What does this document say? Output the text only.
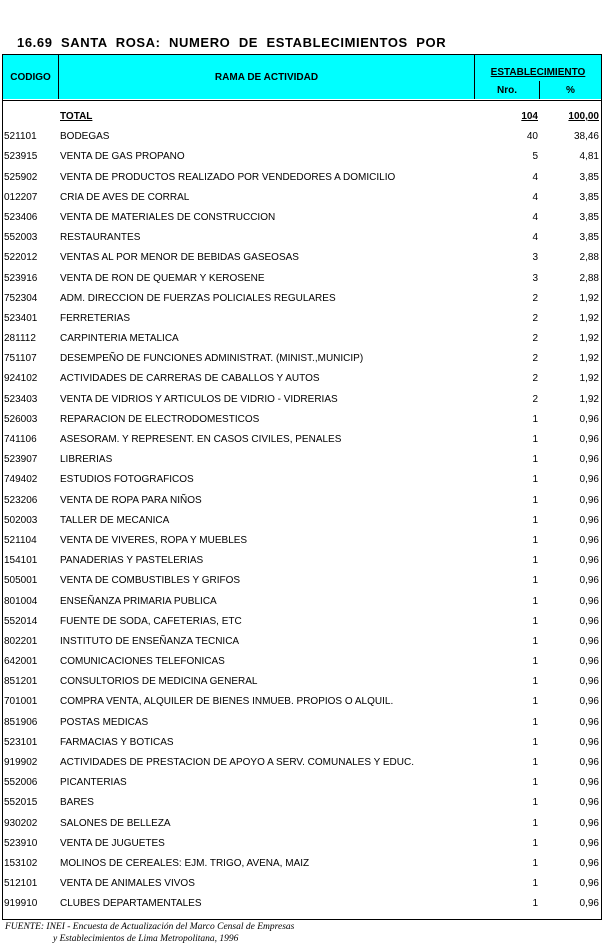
16.69  SANTA  ROSA:  NUMERO  DE  ESTABLECIMIENTOS  POR

CODIGO	RAMA DE ACTIVIDAD	ESTABLECIMIENTO
Nro.	%
TOTAL	104	100,00
521101 BODEGAS	40	38,46
523915 VENTA DE GAS PROPANO	5	4,81
525902 VENTA DE PRODUCTOS REALIZADO POR VENDEDORES A DOMICILIO	4	3,85
012207 CRIA DE AVES DE CORRAL	4	3,85
523406 VENTA DE MATERIALES DE CONSTRUCCION	4	3,85
552003 RESTAURANTES	4	3,85
522012 VENTAS AL POR MENOR DE BEBIDAS GASEOSAS	3	2,88
523916 VENTA DE RON DE QUEMAR Y KEROSENE	3	2,88
752304 ADM. DIRECCION DE FUERZAS POLICIALES REGULARES	2	1,92
523401 FERRETERIAS	2	1,92
281112 CARPINTERIA METALICA	2	1,92
751107 DESEMPEÑO DE FUNCIONES ADMINISTRAT. (MINIST.,MUNICIP)	2	1,92
924102 ACTIVIDADES DE CARRERAS DE CABALLOS Y AUTOS	2	1,92
523403 VENTA DE VIDRIOS Y ARTICULOS DE VIDRIO - VIDRERIAS	2	1,92
526003 REPARACION DE ELECTRODOMESTICOS	1	0,96
741106 ASESORAM. Y REPRESENT. EN CASOS CIVILES, PENALES	1	0,96
523907 LIBRERIAS	1	0,96
749402 ESTUDIOS FOTOGRAFICOS	1	0,96
523206 VENTA DE ROPA PARA NIÑOS	1	0,96
502003 TALLER DE MECANICA	1	0,96
521104 VENTA DE VIVERES, ROPA Y MUEBLES	1	0,96
154101 PANADERIAS Y PASTELERIAS	1	0,96
505001 VENTA DE COMBUSTIBLES Y GRIFOS	1	0,96
801004 ENSEÑANZA PRIMARIA PUBLICA	1	0,96
552014 FUENTE DE SODA, CAFETERIAS, ETC	1	0,96
802201 INSTITUTO DE ENSEÑANZA TECNICA	1	0,96
642001 COMUNICACIONES TELEFONICAS	1	0,96
851201 CONSULTORIOS DE MEDICINA GENERAL	1	0,96
701001 COMPRA VENTA, ALQUILER DE BIENES INMUEB. PROPIOS O ALQUIL.	1	0,96
851906 POSTAS MEDICAS	1	0,96
523101 FARMACIAS Y BOTICAS	1	0,96
919902 ACTIVIDADES DE PRESTACION DE APOYO A SERV. COMUNALES Y EDUC.	1	0,96
552006 PICANTERIAS	1	0,96
552015 BARES	1	0,96
930202 SALONES DE BELLEZA	1	0,96
523910 VENTA DE JUGUETES	1	0,96
153102 MOLINOS DE CEREALES: EJM. TRIGO, AVENA, MAIZ	1	0,96
512101 VENTA DE ANIMALES VIVOS	1	0,96
919910 CLUBES DEPARTAMENTALES	1	0,96
FUENTE: INEI - Encuesta de Actualización del Marco Censal de Empresas
y Establecimientos de Lima Metropolitana, 1996
